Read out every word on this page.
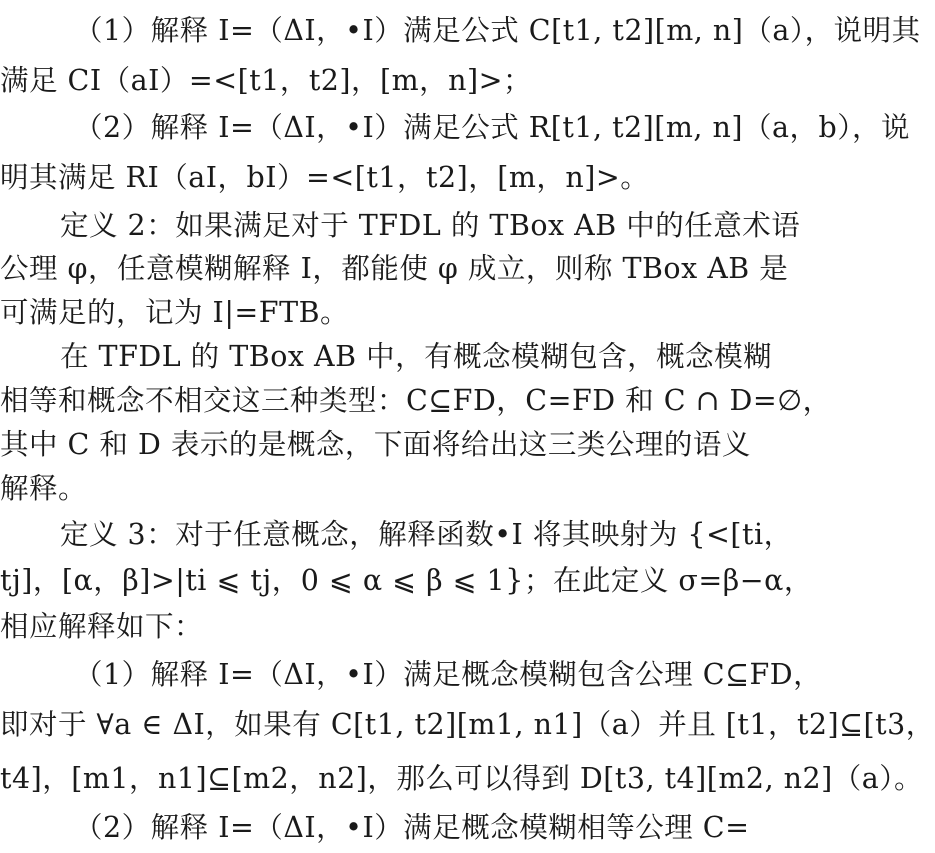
（1）解释 I=（ΔI，•I）满足公式 C[t1, t2][m, n]（a），说明其
满足 CI（aI）=<[t1，t2]，[m，n]>；
（2）解释 I=（ΔI，•I）满足公式 R[t1, t2][m, n]（a，b），说
明其满足 RI（aI，bI）=<[t1，t2]，[m，n]>。
定义 2：如果满足对于 TFDL 的 TBox AB 中的任意术语
公理 φ，任意模糊解释 I，都能使 φ 成立，则称 TBox AB 是
可满足的，记为 I|=FTB。
在 TFDL 的 TBox AB 中，有概念模糊包含，概念模糊
相等和概念不相交这三种类型：C⊆FD，C=FD 和 C ∩ D=∅，
其中 C 和 D 表示的是概念，下面将给出这三类公理的语义
解释。
定义 3：对于任意概念，解释函数•I 将其映射为 {<[ti，
tj]，[α，β]>|ti ⩽ tj，0 ⩽ α ⩽ β ⩽ 1}；在此定义 σ=β−α，
相应解释如下：
（1）解释 I=（ΔI，•I）满足概念模糊包含公理 C⊆FD，
即对于 ∀a ∈ ΔI，如果有 C[t1, t2][m1, n1]（a）并且 [t1，t2]⊆[t3，
t4]，[m1，n1]⊆[m2，n2]，那么可以得到 D[t3, t4][m2, n2]（a）。
（2）解释 I=（ΔI，•I）满足概念模糊相等公理 C=
